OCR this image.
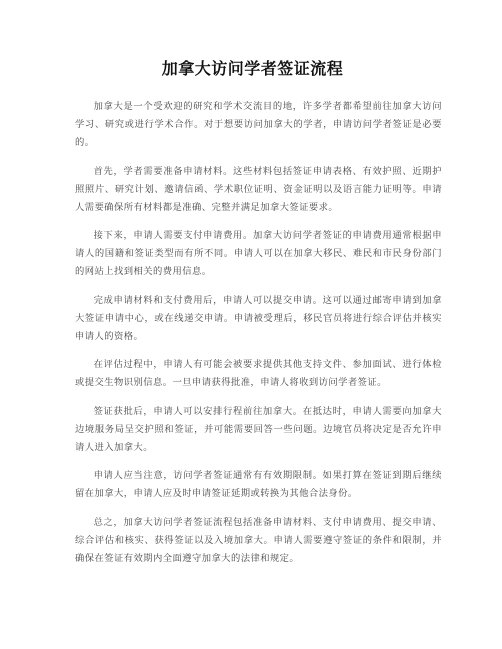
加拿大访问学者签证流程

加拿大是一个受欢迎的研究和学术交流目的地，许多学者都希望前往加拿大访问学习、研究或进行学术合作。对于想要访问加拿大的学者，申请访问学者签证是必要的。

首先，学者需要准备申请材料。这些材料包括签证申请表格、有效护照、近期护照照片、研究计划、邀请信函、学术职位证明、资金证明以及语言能力证明等。申请人需要确保所有材料都是准确、完整并满足加拿大签证要求。

接下来，申请人需要支付申请费用。加拿大访问学者签证的申请费用通常根据申请人的国籍和签证类型而有所不同。申请人可以在加拿大移民、难民和市民身份部门的网站上找到相关的费用信息。

完成申请材料和支付费用后，申请人可以提交申请。这可以通过邮寄申请到加拿大签证申请中心，或在线递交申请。申请被受理后，移民官员将进行综合评估并核实申请人的资格。

在评估过程中，申请人有可能会被要求提供其他支持文件、参加面试、进行体检或提交生物识别信息。一旦申请获得批准，申请人将收到访问学者签证。

签证获批后，申请人可以安排行程前往加拿大。在抵达时，申请人需要向加拿大边境服务局呈交护照和签证，并可能需要回答一些问题。边境官员将决定是否允许申请人进入加拿大。

申请人应当注意，访问学者签证通常有有效期限制。如果打算在签证到期后继续留在加拿大，申请人应及时申请签证延期或转换为其他合法身份。

总之，加拿大访问学者签证流程包括准备申请材料、支付申请费用、提交申请、综合评估和核实、获得签证以及入境加拿大。申请人需要遵守签证的条件和限制，并确保在签证有效期内全面遵守加拿大的法律和规定。
